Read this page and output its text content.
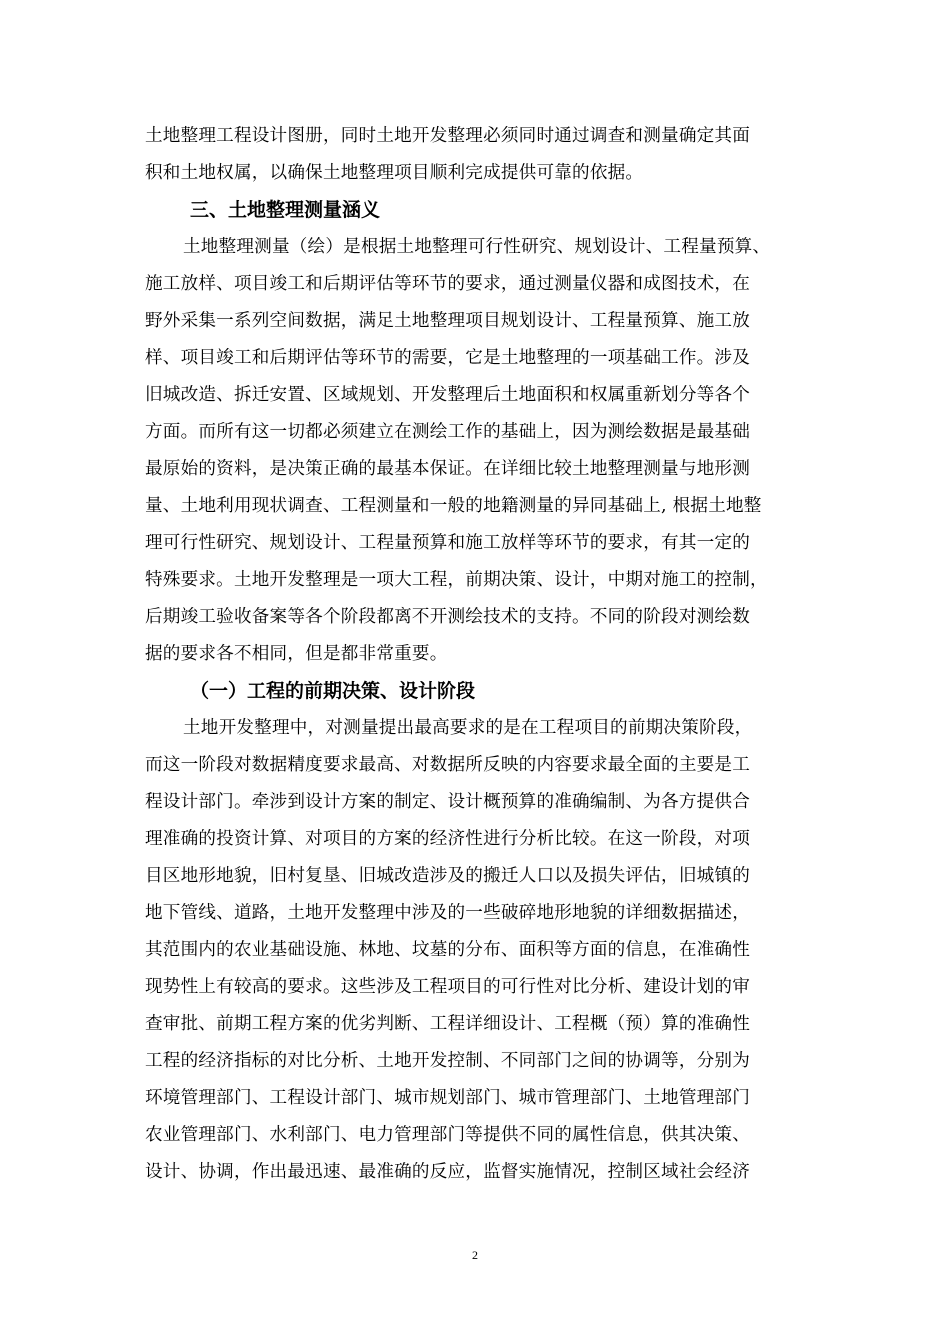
土地整理工程设计图册，同时土地开发整理必须同时通过调查和测量确定其面
积和土地权属，以确保土地整理项目顺利完成提供可靠的依据。
三、土地整理测量涵义
土地整理测量（绘）是根据土地整理可行性研究、规划设计、工程量预算、
施工放样、项目竣工和后期评估等环节的要求，通过测量仪器和成图技术，在
野外采集一系列空间数据，满足土地整理项目规划设计、工程量预算、施工放
样、项目竣工和后期评估等环节的需要，它是土地整理的一项基础工作。涉及
旧城改造、拆迁安置、区域规划、开发整理后土地面积和权属重新划分等各个
方面。而所有这一切都必须建立在测绘工作的基础上，因为测绘数据是最基础
最原始的资料，是决策正确的最基本保证。在详细比较土地整理测量与地形测
量、土地利用现状调查、工程测量和一般的地籍测量的异同基础上, 根据土地整
理可行性研究、规划设计、工程量预算和施工放样等环节的要求，有其一定的
特殊要求。土地开发整理是一项大工程，前期决策、设计，中期对施工的控制，
后期竣工验收备案等各个阶段都离不开测绘技术的支持。不同的阶段对测绘数
据的要求各不相同，但是都非常重要。
（一）工程的前期决策、设计阶段
土地开发整理中，对测量提出最高要求的是在工程项目的前期决策阶段，
而这一阶段对数据精度要求最高、对数据所反映的内容要求最全面的主要是工
程设计部门。牵涉到设计方案的制定、设计概预算的准确编制、为各方提供合
理准确的投资计算、对项目的方案的经济性进行分析比较。在这一阶段，对项
目区地形地貌，旧村复垦、旧城改造涉及的搬迁人口以及损失评估，旧城镇的
地下管线、道路，土地开发整理中涉及的一些破碎地形地貌的详细数据描述，
其范围内的农业基础设施、林地、坟墓的分布、面积等方面的信息，在准确性
现势性上有较高的要求。这些涉及工程项目的可行性对比分析、建设计划的审
查审批、前期工程方案的优劣判断、工程详细设计、工程概（预）算的准确性
工程的经济指标的对比分析、土地开发控制、不同部门之间的协调等，分别为
环境管理部门、工程设计部门、城市规划部门、城市管理部门、土地管理部门
农业管理部门、水利部门、电力管理部门等提供不同的属性信息，供其决策、
设计、协调，作出最迅速、最准确的反应，监督实施情况，控制区域社会经济
2
